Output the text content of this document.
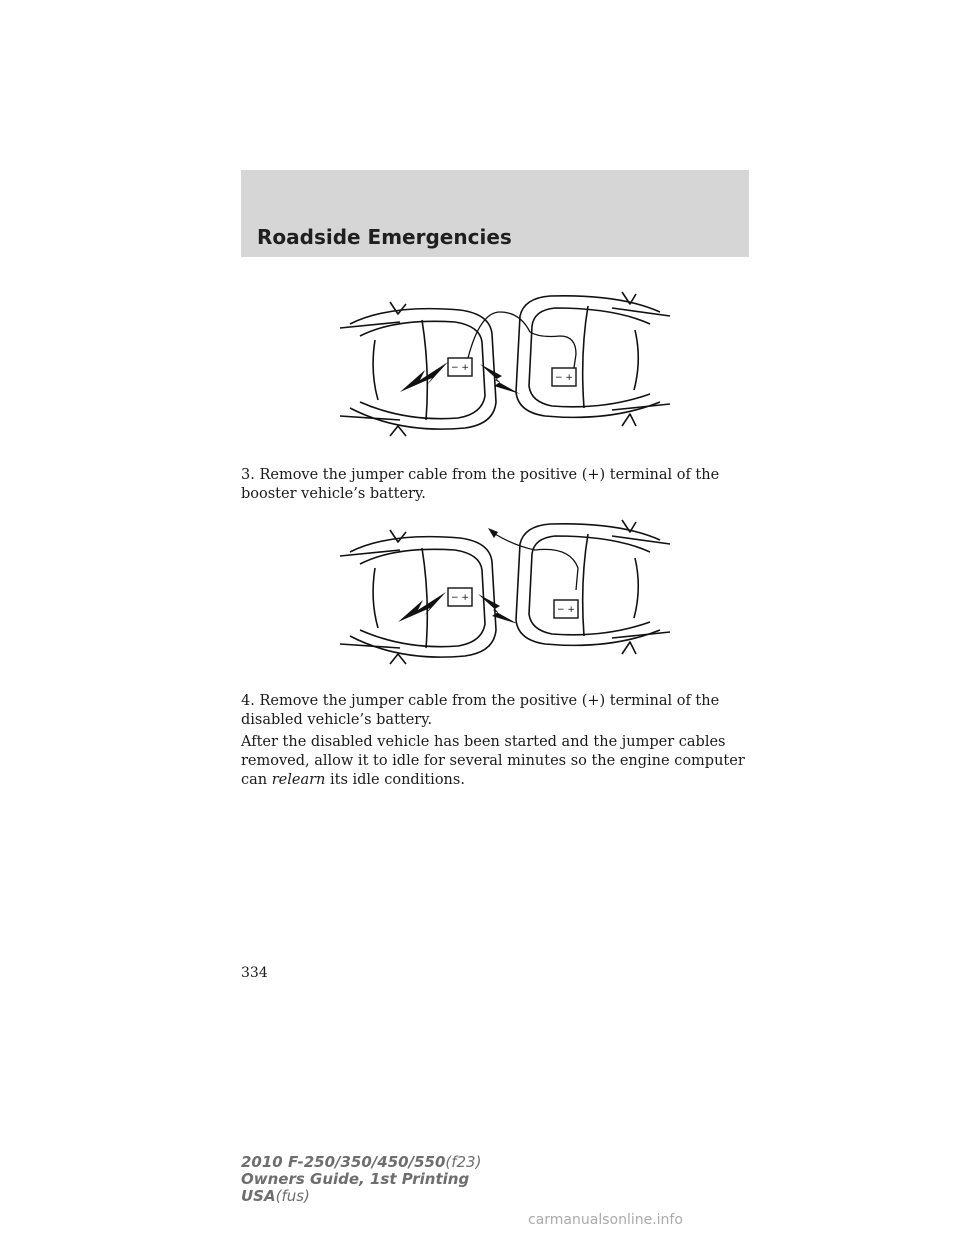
Roadside Emergencies
− +
− +

3. Remove the jumper cable from the positive (+) terminal of the booster vehicle’s battery.

− +
− +

4. Remove the jumper cable from the positive (+) terminal of the disabled vehicle’s battery.

After the disabled vehicle has been started and the jumper cables removed, allow it to idle for several minutes so the engine computer can relearn its idle conditions.

334
2010 F-250/350/450/550(f23)
Owners Guide, 1st Printing
USA(fus)
carmanualsonline.info
